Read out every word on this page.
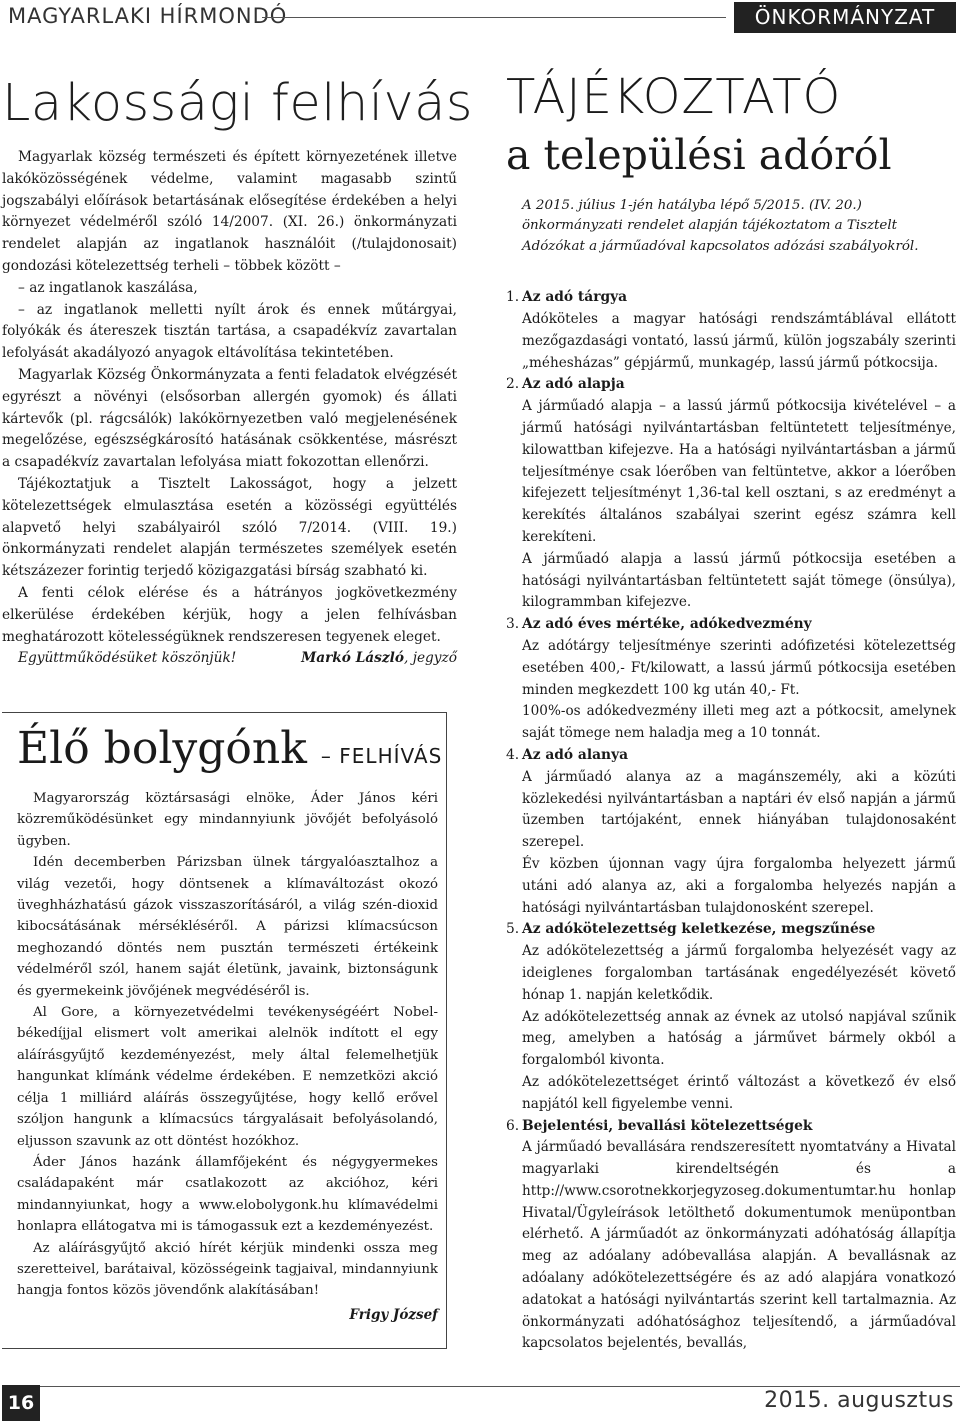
MAGYARLAKI HÍRMONDÓ	ÖNKORMÁNYZAT
Lakossági felhívás

Magyarlak község természeti és épített környezetének illetve lakóközösségének védelme, valamint magasabb szintű jogszabályi előírások betartásának elősegítése érdekében a helyi környezet védelméről szóló 14/2007. (XI. 26.) önkormányzati rendelet alapján az ingatlanok használóit (/tulajdonosait) gondozási kötelezettség terheli – többek között –

– az ingatlanok kaszálása,

– az ingatlanok melletti nyílt árok és ennek műtárgyai, folyókák és átereszek tisztán tartása, a csapadékvíz zavartalan lefolyását akadályozó anyagok eltávolítása tekintetében.

Magyarlak Község Önkormányzata a fenti feladatok elvégzését egyrészt a növényi (elsősorban allergén gyomok) és állati kártevők (pl. rágcsálók) lakókörnyezetben való megjelenésének megelőzése, egészségkárosító hatásának csökkentése, másrészt a csapadékvíz zavartalan lefolyása miatt fokozottan ellenőrzi.

Tájékoztatjuk a Tisztelt Lakosságot, hogy a jelzett kötelezettségek elmulasztása esetén a közösségi együttélés alapvető helyi szabályairól szóló 7/2014. (VIII. 19.) önkormányzati rendelet alapján természetes személyek esetén kétszázezer forintig terjedő közigazgatási bírság szabható ki.

A fenti célok elérése és a hátrányos jogkövetkezmény elkerülése érdekében kérjük, hogy a jelen felhívásban meghatározott kötelességüknek rendszeresen tegyenek eleget.

Együttműködésüket köszönjük!	Markó László, jegyző
Élő bolygónk – FELHÍVÁS

Magyarország köztársasági elnöke, Áder János kéri közreműködésünket egy mindannyiunk jövőjét befolyásoló ügyben.

Idén decemberben Párizsban ülnek tárgyalóasztalhoz a világ vezetői, hogy döntsenek a klímaváltozást okozó üveghházhatású gázok visszaszorításáról, a világ szén-dioxid kibocsátásának mérsékléséről. A párizsi klímacsúcson meghozandó döntés nem pusztán természeti értékeink védelméről szól, hanem saját életünk, javaink, biztonságunk és gyermekeink jövőjének megvédéséről is.

Al Gore, a környezetvédelmi tevékenységéért Nobel-békedíjjal elismert volt amerikai alelnök indított el egy aláírásgyűjtő kezdeményezést, mely által felemelhetjük hangunkat klímánk védelme érdekében. E nemzetközi akció célja 1 milliárd aláírás összegyűjtése, hogy kellő erővel szóljon hangunk a klímacsúcs tárgyalásait befolyásolandó, eljusson szavunk az ott döntést hozókhoz.

Áder János hazánk államfőjeként és négygyermekes családapaként már csatlakozott az akcióhoz, kéri mindannyiunkat, hogy a www.elobolygonk.hu klímavédelmi honlapra ellátogatva mi is támogassuk ezt a kezdeményezést.

Az aláírásgyűjtő akció hírét kérjük mindenki ossza meg szeretteivel, barátaival, közösségeink tagjaival, mindannyiunk hangja fontos közös jövendőnk alakításában!

Frigy József
TÁJÉKOZTATÓ
a települési adóról

A 2015. július 1-jén hatályba lépő 5/2015. (IV. 20.) önkormányzati rendelet alapján tájékoztatom a Tisztelt Adózókat a járműadóval kapcsolatos adózási szabályokról.

1. Az adó tárgya

Adóköteles a magyar hatósági rendszámtáblával ellátott mezőgazdasági vontató, lassú jármű, külön jogszabály szerinti „méhesházas” gépjármű, munkagép, lassú jármű pótkocsija.

2. Az adó alapja

A járműadó alapja – a lassú jármű pótkocsija kivételével – a jármű hatósági nyilvántartásban feltüntetett teljesítménye, kilowattban kifejezve. Ha a hatósági nyilvántartásban a jármű teljesítménye csak lóerőben van feltüntetve, akkor a lóerőben kifejezett teljesítményt 1,36-tal kell osztani, s az eredményt a kerekítés általános szabályai szerint egész számra kell kerekíteni.

A járműadó alapja a lassú jármű pótkocsija esetében a hatósági nyilvántartásban feltüntetett saját tömege (önsúlya), kilogrammban kifejezve.

3. Az adó éves mértéke, adókedvezmény

Az adótárgy teljesítménye szerinti adófizetési kötelezettség esetében 400,- Ft/kilowatt, a lassú jármű pótkocsija esetében minden megkezdett 100 kg után 40,- Ft.

100%-os adókedvezmény illeti meg azt a pótkocsit, amelynek saját tömege nem haladja meg a 10 tonnát.

4. Az adó alanya

A járműadó alanya az a magánszemély, aki a közúti közlekedési nyilvántartásban a naptári év első napján a jármű üzemben tartójaként, ennek hiányában tulajdonosaként szerepel.

Év közben újonnan vagy újra forgalomba helyezett jármű utáni adó alanya az, aki a forgalomba helyezés napján a hatósági nyilvántartásban tulajdonosként szerepel.

5. Az adókötelezettség keletkezése, megszűnése

Az adókötelezettség a jármű forgalomba helyezését vagy az ideiglenes forgalomban tartásának engedélyezését követő hónap 1. napján keletkődik.

Az adókötelezettség annak az évnek az utolsó napjával szűnik meg, amelyben a hatóság a járművet bármely okból a forgalomból kivonta.

Az adókötelezettséget érintő változást a következő év első napjától kell figyelembe venni.

6. Bejelentési, bevallási kötelezettségek

A járműadó bevallására rendszeresített nyomtatvány a Hivatal magyarlaki kirendeltségén és a http://www.csorotnekkorjegyzoseg.dokumentumtar.hu honlap Hivatal/Ügyleírások letölthető dokumentumok menüpontban elérhető. A járműadót az önkormányzati adóhatóság állapítja meg az adóalany adóbevallása alapján. A bevallásnak az adóalany adókötelezettségére és az adó alapjára vonatkozó adatokat a hatósági nyilvántartás szerint kell tartalmaznia. Az önkormányzati adóhatósághoz teljesítendő, a járműadóval kapcsolatos bejelentés, bevallás,

16	2015. augusztus
